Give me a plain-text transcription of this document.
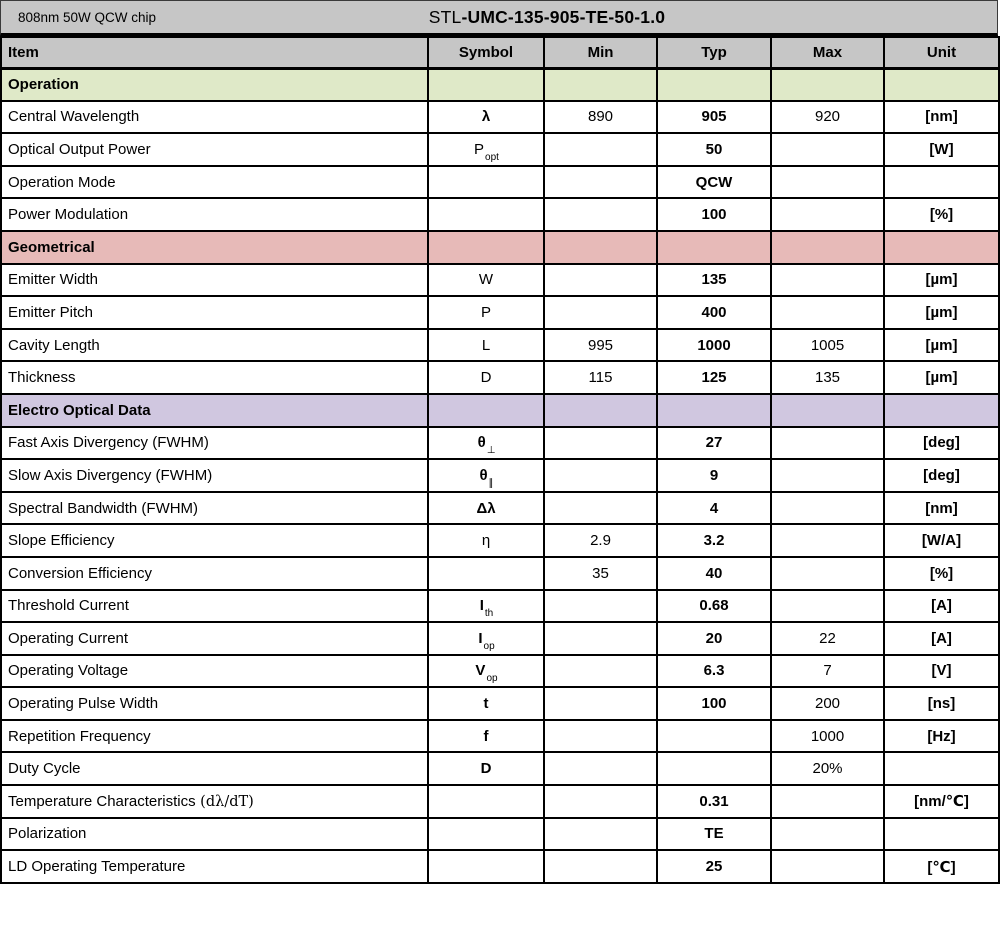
808nm 50W QCW chip	STL-UMC-135-905-TE-50-1.0
Item	Symbol	Min	Typ	Max	Unit
Operation					
Central Wavelength	λ	890	905	920	[nm]
Optical Output Power	$P_{opt}$		50		[W]
Operation Mode			QCW		
Power Modulation			100		[%]
Geometrical					
Emitter Width	W		135		[µm]
Emitter Pitch	P		400		[µm]
Cavity Length	L	995	1000	1005	[µm]
Thickness	D	115	125	135	[µm]
Electro Optical Data					
Fast Axis Divergency (FWHM)	$\theta_\perp$		27		[deg]
Slow Axis Divergency (FWHM)	$\theta_\parallel$		9		[deg]
Spectral Bandwidth (FWHM)	Δλ		4		[nm]
Slope Efficiency	η	2.9	3.2		[W/A]
Conversion Efficiency		35	40		[%]
Threshold Current	$I_{th}$		0.68		[A]
Operating Current	$I_{op}$		20	22	[A]
Operating Voltage	$V_{op}$		6.3	7	[V]
Operating Pulse Width	t		100	200	[ns]
Repetition Frequency	f			1000	[Hz]
Duty Cycle	D			20%	
Temperature Characteristics (dλ/dT)			0.31		[nm/℃]
Polarization			TE		
LD Operating Temperature			25		[℃]
